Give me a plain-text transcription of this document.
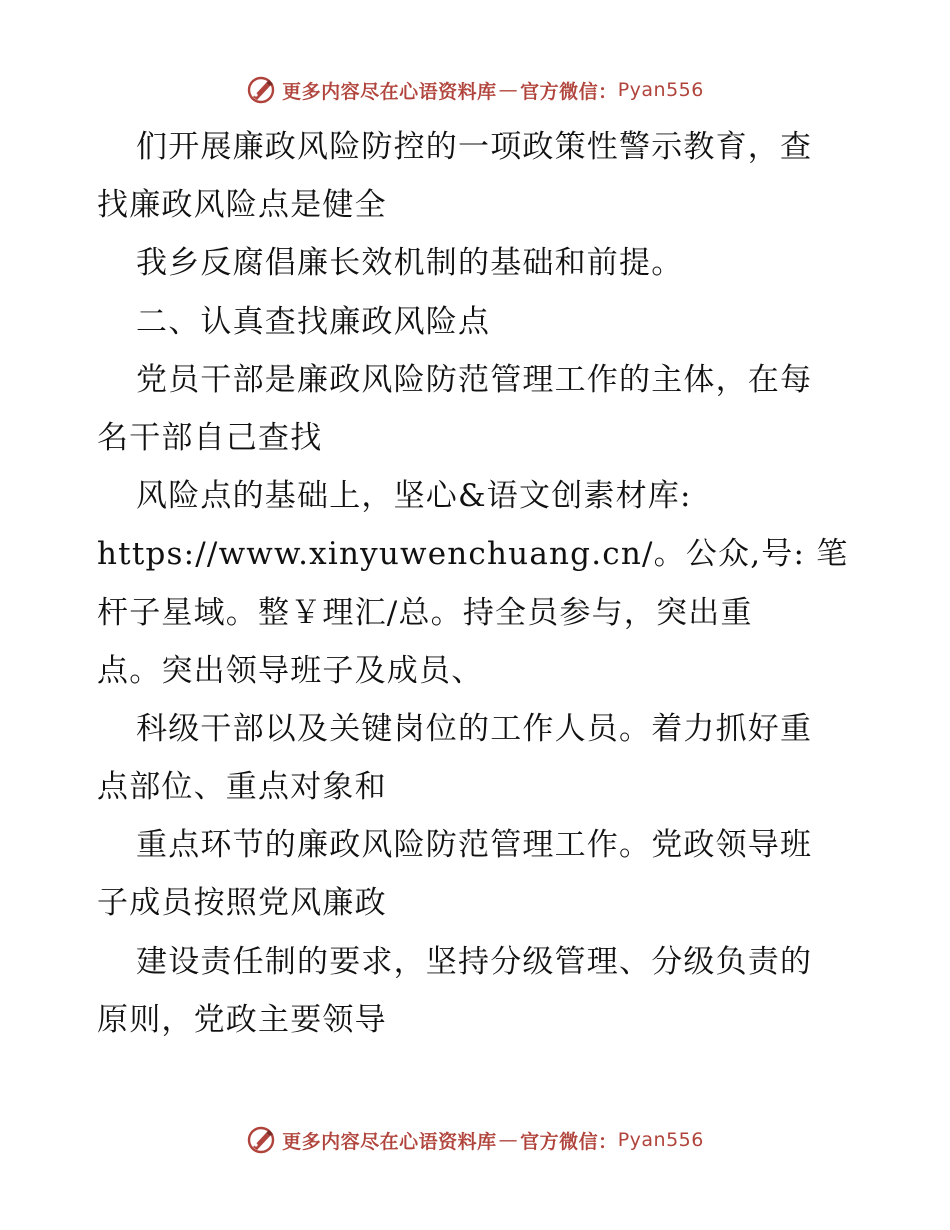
更多内容尽在心语资料库 — 官方微信： Pyan556
们开展廉政风险防控的一项政策性警示教育，查
找廉政风险点是健全
我乡反腐倡廉长效机制的基础和前提。
二、认真查找廉政风险点
党员干部是廉政风险防范管理工作的主体，在每
名干部自己查找
风险点的基础上，坚心&语文创素材库:
https://www.xinyuwenchuang.cn/。公众,号: 笔
杆子星域。整￥理汇/总。持全员参与，突出重
点。突出领导班子及成员、
科级干部以及关键岗位的工作人员。着力抓好重
点部位、重点对象和
重点环节的廉政风险防范管理工作。党政领导班
子成员按照党风廉政
建设责任制的要求，坚持分级管理、分级负责的
原则，党政主要领导
更多内容尽在心语资料库 — 官方微信： Pyan556
